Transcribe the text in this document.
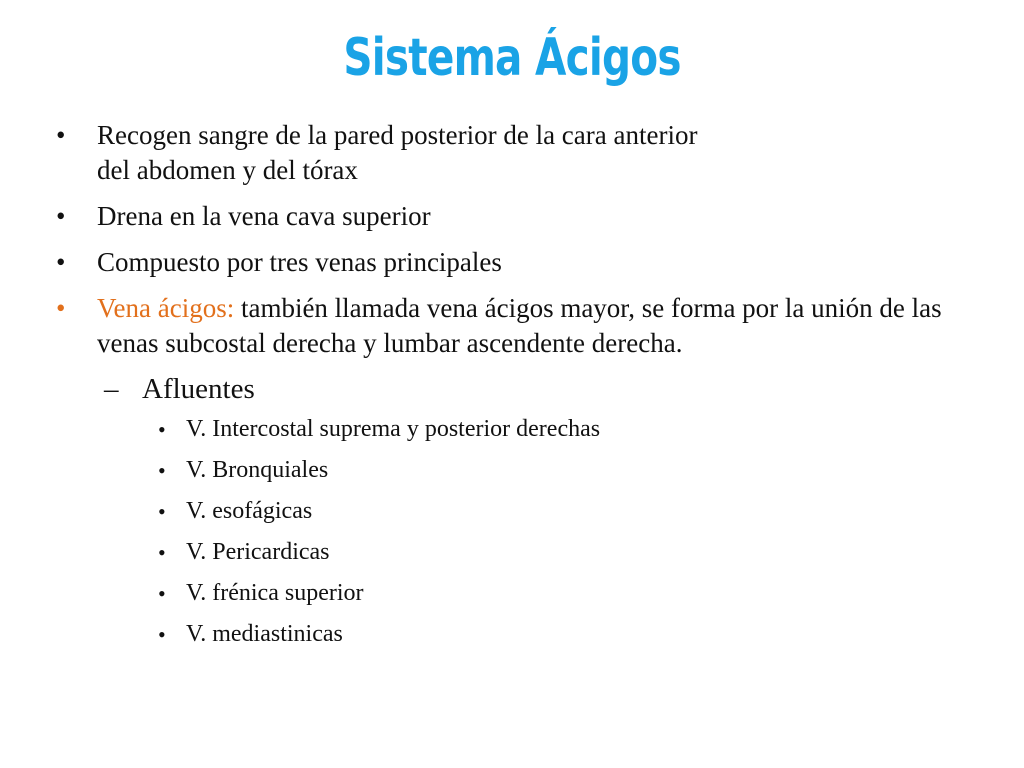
Sistema Ácigos
• Recogen sangre de la pared posterior de la cara anterior
del abdomen y del tórax
• Drena en la vena cava superior
• Compuesto por tres venas principales
• Vena ácigos: también llamada vena ácigos mayor, se forma por la unión de las venas subcostal derecha y lumbar ascendente derecha.
– Afluentes
• V. Intercostal suprema y posterior derechas
• V. Bronquiales
• V. esofágicas
• V. Pericardicas
• V. frénica superior
• V. mediastinicas
